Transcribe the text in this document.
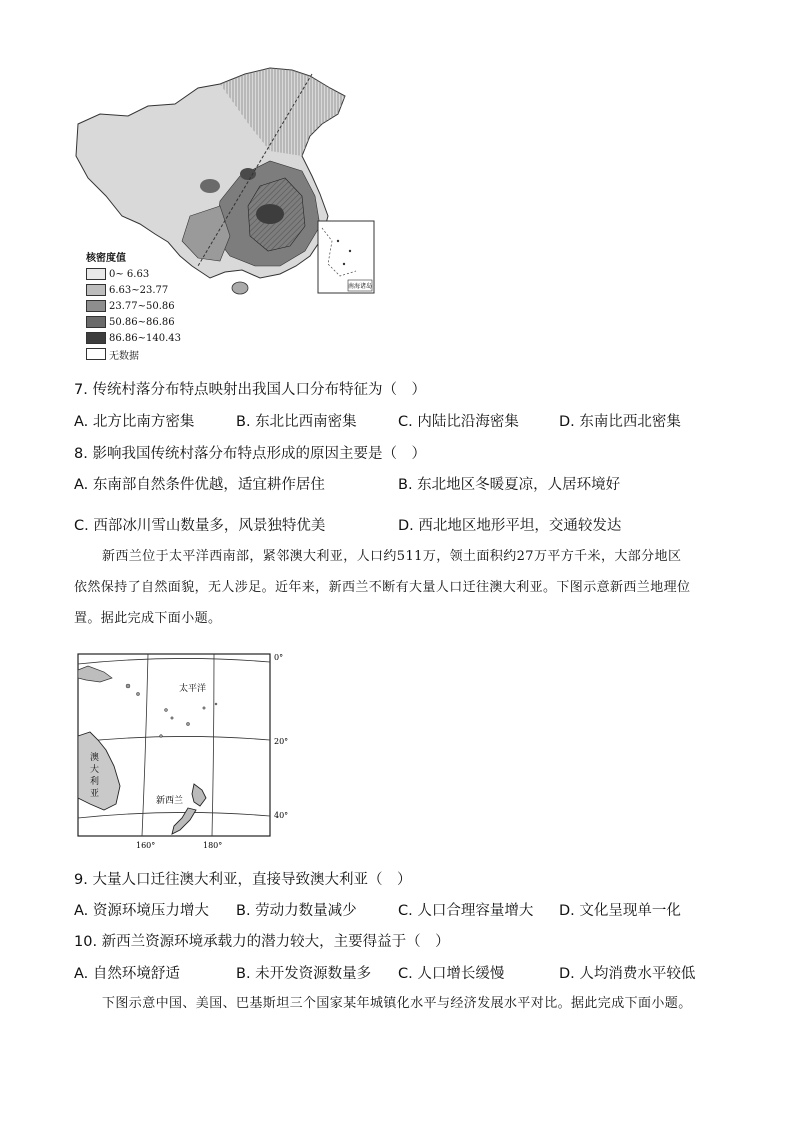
南海诸岛
核密度值
0~ 6.63
6.63~23.77
23.77~50.86
50.86~86.86
86.86~140.43
无数据
7. 传统村落分布特点映射出我国人口分布特征为（　）
A. 北方比南方密集	B. 东北比西南密集	C. 内陆比沿海密集	D. 东南比西北密集
8. 影响我国传统村落分布特点形成的原因主要是（　）
A. 东南部自然条件优越，适宜耕作居住	B. 东北地区冬暖夏凉，人居环境好
C. 西部冰川雪山数量多，风景独特优美	D. 西北地区地形平坦，交通较发达
新西兰位于太平洋西南部，紧邻澳大利亚，人口约511万，领土面积约27万平方千米，大部分地区
依然保持了自然面貌，无人涉足。近年来，新西兰不断有大量人口迁往澳大利亚。下图示意新西兰地理位
置。据此完成下面小题。
太平洋
新西兰
0°
20°
40°
160°	180°
澳大利亚
9. 大量人口迁往澳大利亚，直接导致澳大利亚（　）
A. 资源环境压力增大 B. 劳动力数量减少	C. 人口合理容量增大 D. 文化呈现单一化
10. 新西兰资源环境承载力的潜力较大，主要得益于（　）
A. 自然环境舒适	B. 未开发资源数量多 C. 人口增长缓慢	D. 人均消费水平较低
下图示意中国、美国、巴基斯坦三个国家某年城镇化水平与经济发展水平对比。据此完成下面小题。
